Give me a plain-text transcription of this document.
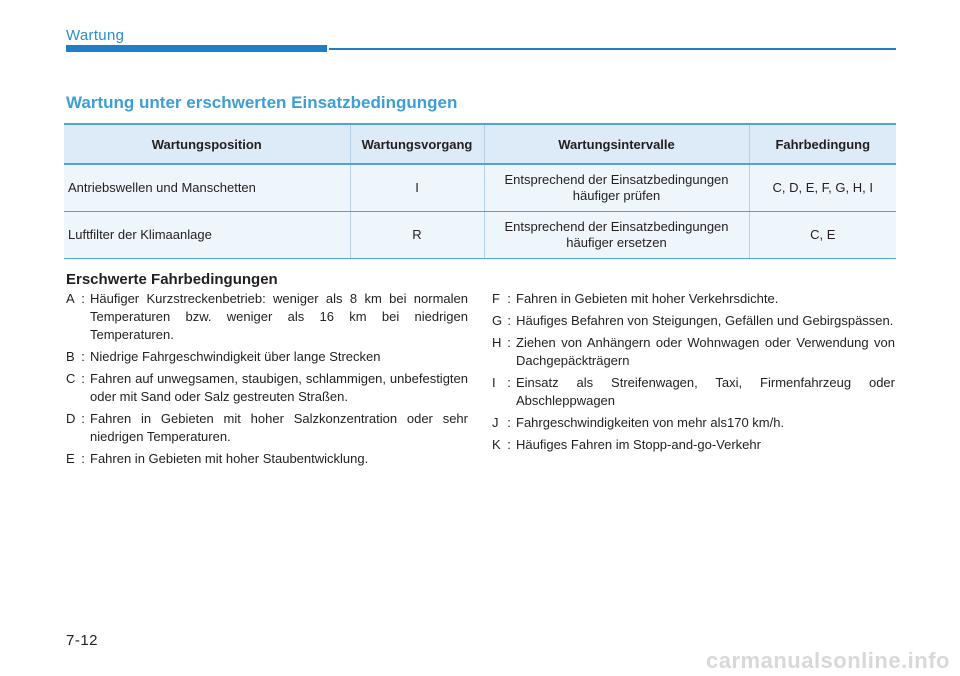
Wartung
Wartung unter erschwerten Einsatzbedingungen
Wartungsposition	Wartungsvorgang	Wartungsintervalle	Fahrbedingung
Antriebswellen und Manschetten	I	Entsprechend der Einsatzbedingungen häufiger prüfen	C, D, E, F, G, H, I
Luftfilter der Klimaanlage	R	Entsprechend der Einsatzbedingungen häufiger ersetzen	C, E
Erschwerte Fahrbedingungen
A : Häufiger Kurzstreckenbetrieb: weniger als 8 km bei normalen Temperaturen bzw. weniger als 16 km bei niedrigen Temperaturen.
B : Niedrige Fahrgeschwindigkeit über lange Strecken
C : Fahren auf unwegsamen, staubigen, schlammigen, unbefestigten oder mit Sand oder Salz gestreuten Straßen.
D : Fahren in Gebieten mit hoher Salzkonzentration oder sehr niedrigen Temperaturen.
E : Fahren in Gebieten mit hoher Staubentwicklung.
F : Fahren in Gebieten mit hoher Verkehrsdichte.
G : Häufiges Befahren von Steigungen, Gefällen und Gebirgspässen.
H : Ziehen von Anhängern oder Wohnwagen oder Verwendung von Dachgepäckträgern
I : Einsatz als Streifenwagen, Taxi, Firmenfahrzeug oder Abschleppwagen
J : Fahrgeschwindigkeiten von mehr als170 km/h.
K : Häufiges Fahren im Stopp-and-go-Verkehr
7-12
carmanualsonline.info
